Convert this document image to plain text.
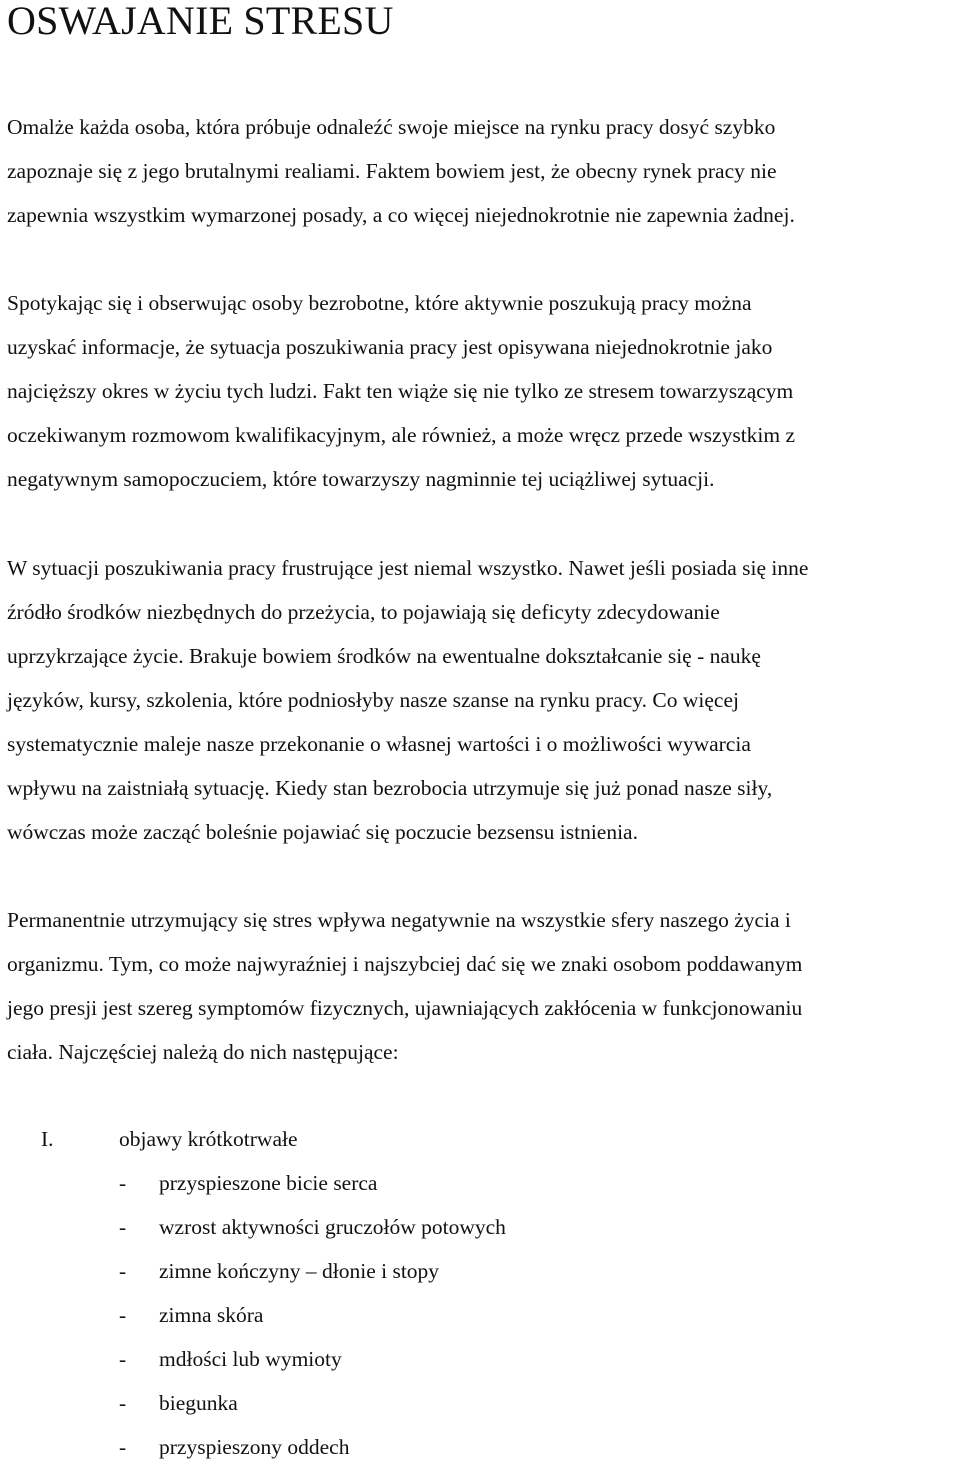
OSWAJANIE STRESU

Omalże każda osoba, która próbuje odnaleźć swoje miejsce na rynku pracy dosyć szybko
zapoznaje się z jego brutalnymi realiami. Faktem bowiem jest, że obecny rynek pracy nie
zapewnia wszystkim wymarzonej posady, a co więcej niejednokrotnie nie zapewnia żadnej.

Spotykając się i obserwując osoby bezrobotne, które aktywnie poszukują pracy można
uzyskać informacje, że sytuacja poszukiwania pracy jest opisywana niejednokrotnie jako
najcięższy okres w życiu tych ludzi. Fakt ten wiąże się nie tylko ze stresem towarzyszącym
oczekiwanym rozmowom kwalifikacyjnym, ale również, a może wręcz przede wszystkim z
negatywnym samopoczuciem, które towarzyszy nagminnie tej uciążliwej sytuacji.

W sytuacji poszukiwania pracy frustrujące jest niemal wszystko. Nawet jeśli posiada się inne
źródło środków niezbędnych do przeżycia, to pojawiają się deficyty zdecydowanie
uprzykrzające życie. Brakuje bowiem środków na ewentualne dokształcanie się - naukę
języków, kursy, szkolenia, które podniosłyby nasze szanse na rynku pracy. Co więcej
systematycznie maleje nasze przekonanie o własnej wartości i o możliwości wywarcia
wpływu na zaistniałą sytuację. Kiedy stan bezrobocia utrzymuje się już ponad nasze siły,
wówczas może zacząć boleśnie pojawiać się poczucie bezsensu istnienia.

Permanentnie utrzymujący się stres wpływa negatywnie na wszystkie sfery naszego życia i
organizmu. Tym, co może najwyraźniej i najszybciej dać się we znaki osobom poddawanym
jego presji jest szereg symptomów fizycznych, ujawniających zakłócenia w funkcjonowaniu
ciała. Najczęściej należą do nich następujące:

I.	objawy krótkotrwałe
- przyspieszone bicie serca
- wzrost aktywności gruczołów potowych
- zimne kończyny – dłonie i stopy
- zimna skóra
- mdłości lub wymioty
- biegunka
- przyspieszony oddech
